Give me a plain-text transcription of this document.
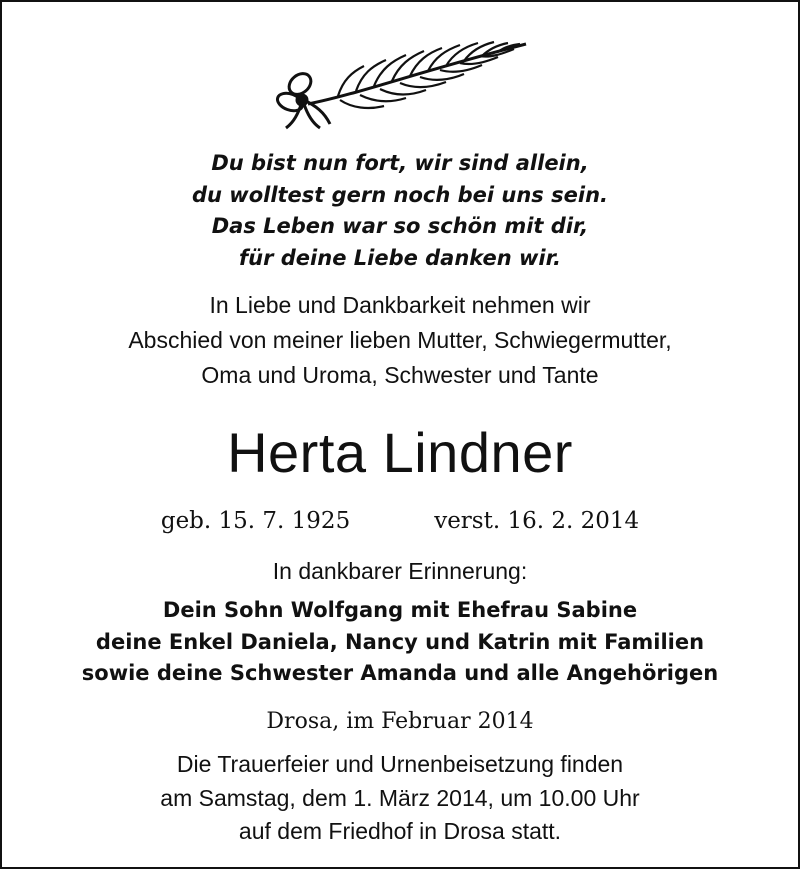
Du bist nun fort, wir sind allein,
du wolltest gern noch bei uns sein.
Das Leben war so schön mit dir,
für deine Liebe danken wir.
In Liebe und Dankbarkeit nehmen wir
Abschied von meiner lieben Mutter, Schwiegermutter,
Oma und Uroma, Schwester und Tante
Herta Lindner
geb. 15. 7. 1925	verst. 16. 2. 2014
In dankbarer Erinnerung:
Dein Sohn Wolfgang mit Ehefrau Sabine
deine Enkel Daniela, Nancy und Katrin mit Familien
sowie deine Schwester Amanda und alle Angehörigen
Drosa, im Februar 2014
Die Trauerfeier und Urnenbeisetzung finden
am Samstag, dem 1. März 2014, um 10.00 Uhr
auf dem Friedhof in Drosa statt.
